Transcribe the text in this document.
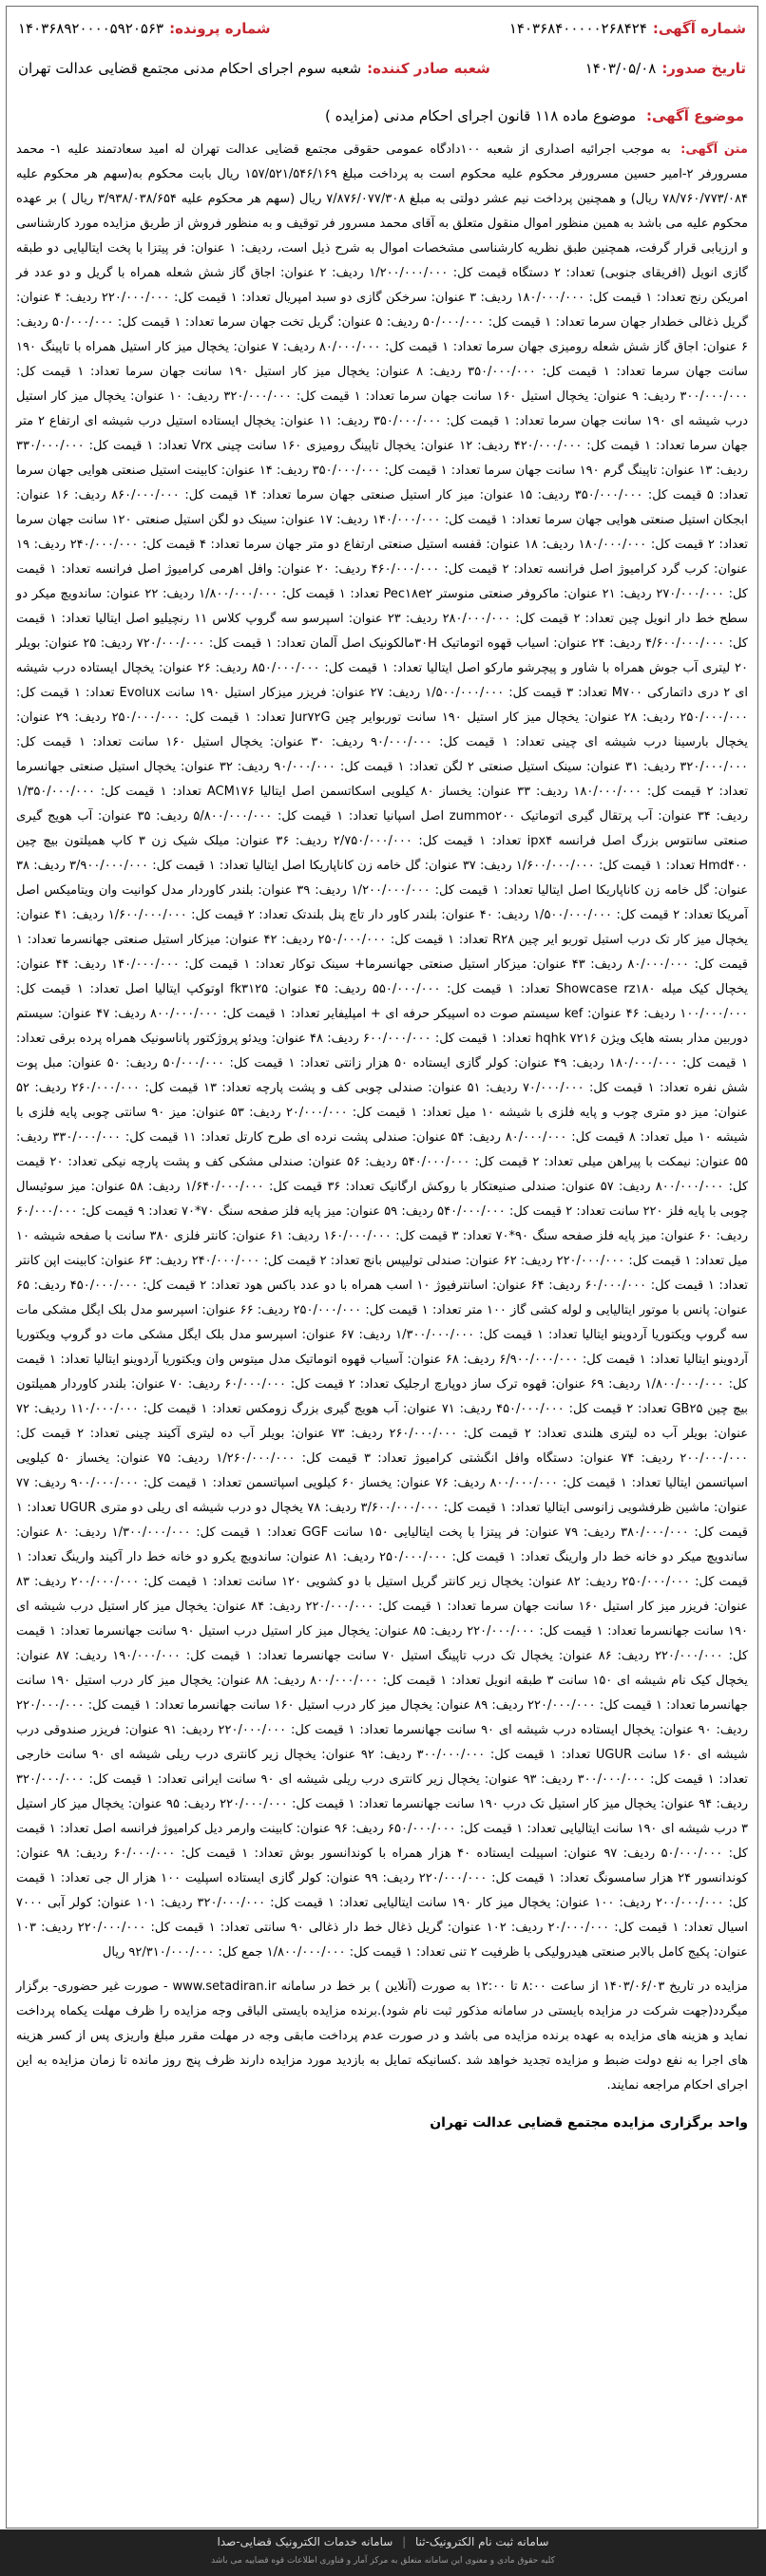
شماره آگهی:
۱۴۰۳۶۸۴۰۰۰۰۰۲۶۸۴۲۴
شماره پرونده:
۱۴۰۳۶۸۹۲۰۰۰۰۵۹۲۰۵۶۳
تاریخ صدور:
۱۴۰۳/۰۵/۰۸
شعبه صادر کننده:
شعبه سوم اجرای احکام مدنی مجتمع قضایی عدالت تهران
موضوع آگهی: موضوع ماده ۱۱۸ قانون اجرای احکام مدنی (مزایده )

متن آگهی: به موجب اجرائیه اصداری از شعبه ۱۰۰دادگاه عمومی حقوقی مجتمع قضایی عدالت تهران له امید سعادتمند علیه ۱- محمد مسرورفر ۲-امیر حسین مسرورفر محکوم علیه محکوم است به پرداخت مبلغ ۱۵۷/۵۲۱/۵۴۶/۱۶۹ ریال بابت محکوم به(سهم هر محکوم علیه ۷۸/۷۶۰/۷۷۳/۰۸۴ ریال) و همچنین پرداخت نیم عشر دولتی به مبلغ ۷/۸۷۶/۰۷۷/۳۰۸ ریال (سهم هر محکوم علیه ۳/۹۳۸/۰۳۸/۶۵۴ ریال ) بر عهده محکوم علیه می باشد به همین منظور اموال منقول متعلق به آقای محمد مسرور فر توقیف و به منظور فروش از طریق مزایده مورد کارشناسی و ارزیابی قرار گرفت، همچنین طبق نظریه کارشناسی مشخصات اموال به شرح ذیل است، ردیف: ۱ عنوان: فر پیتزا با پخت ایتالیایی دو طبقه گازی انویل (افریقای جنوبی) تعداد: ۲ دستگاه قیمت کل: ۱/۲۰۰/۰۰۰/۰۰۰ ردیف: ۲ عنوان: اجاق گاز شش شعله همراه با گریل و دو عدد فر امریکن رنج تعداد: ۱ قیمت کل: ۱۸۰/۰۰۰/۰۰۰ ردیف: ۳ عنوان: سرخکن گازی دو سبد امپریال تعداد: ۱ قیمت کل: ۲۲۰/۰۰۰/۰۰۰ ردیف: ۴ عنوان: گریل ذغالی خطدار جهان سرما تعداد: ۱ قیمت کل: ۵۰/۰۰۰/۰۰۰ ردیف: ۵ عنوان: گریل تخت جهان سرما تعداد: ۱ قیمت کل: ۵۰/۰۰۰/۰۰۰ ردیف: ۶ عنوان: اجاق گاز شش شعله رومیزی جهان سرما تعداد: ۱ قیمت کل: ۸۰/۰۰۰/۰۰۰ ردیف: ۷ عنوان: یخچال میز کار استیل همراه با تاپینگ ۱۹۰ سانت جهان سرما تعداد: ۱ قیمت کل: ۳۵۰/۰۰۰/۰۰۰ ردیف: ۸ عنوان: یخچال میز کار استیل ۱۹۰ سانت جهان سرما تعداد: ۱ قیمت کل: ۳۰۰/۰۰۰/۰۰۰ ردیف: ۹ عنوان: یخچال استیل ۱۶۰ سانت جهان سرما تعداد: ۱ قیمت کل: ۳۲۰/۰۰۰/۰۰۰ ردیف: ۱۰ عنوان: یخچال میز کار استیل درب شیشه ای ۱۹۰ سانت جهان سرما تعداد: ۱ قیمت کل: ۳۵۰/۰۰۰/۰۰۰ ردیف: ۱۱ عنوان: یخچال ایستاده استیل درب شیشه ای ارتفاع ۲ متر جهان سرما تعداد: ۱ قیمت کل: ۴۲۰/۰۰۰/۰۰۰ ردیف: ۱۲ عنوان: یخچال تاپینگ رومیزی ۱۶۰ سانت چینی Vrx تعداد: ۱ قیمت کل: ۳۳۰/۰۰۰/۰۰۰ ردیف: ۱۳ عنوان: تاپینگ گرم ۱۹۰ سانت جهان سرما تعداد: ۱ قیمت کل: ۳۵۰/۰۰۰/۰۰۰ ردیف: ۱۴ عنوان: کابینت استیل صنعتی هوایی جهان سرما تعداد: ۵ قیمت کل: ۳۵۰/۰۰۰/۰۰۰ ردیف: ۱۵ عنوان: میز کار استیل صنعتی جهان سرما تعداد: ۱۴ قیمت کل: ۸۶۰/۰۰۰/۰۰۰ ردیف: ۱۶ عنوان: ابجکان استیل صنعتی هوایی جهان سرما تعداد: ۱ قیمت کل: ۱۴۰/۰۰۰/۰۰۰ ردیف: ۱۷ عنوان: سینک دو لگن استیل صنعتی ۱۲۰ سانت جهان سرما تعداد: ۲ قیمت کل: ۱۸۰/۰۰۰/۰۰۰ ردیف: ۱۸ عنوان: قفسه استیل صنعتی ارتفاع دو متر جهان سرما تعداد: ۴ قیمت کل: ۲۴۰/۰۰۰/۰۰۰ ردیف: ۱۹ عنوان: کرب گرد کرامیوژ اصل فرانسه تعداد: ۲ قیمت کل: ۴۶۰/۰۰۰/۰۰۰ ردیف: ۲۰ عنوان: وافل اهرمی کرامیوژ اصل فرانسه تعداد: ۱ قیمت کل: ۲۷۰/۰۰۰/۰۰۰ ردیف: ۲۱ عنوان: ماکروفر صنعتی منوستر Pec۱۸e۲ تعداد: ۱ قیمت کل: ۱/۸۰۰/۰۰۰/۰۰۰ ردیف: ۲۲ عنوان: ساندویچ میکر دو سطح خط دار انویل چین تعداد: ۲ قیمت کل: ۲۸۰/۰۰۰/۰۰۰ ردیف: ۲۳ عنوان: اسپرسو سه گروپ کلاس ۱۱ رنچیلیو اصل ایتالیا تعداد: ۱ قیمت کل: ۴/۶۰۰/۰۰۰/۰۰۰ ردیف: ۲۴ عنوان: اسیاب قهوه اتوماتیک ۳۰Hمالکونیک اصل آلمان تعداد: ۱ قیمت کل: ۷۲۰/۰۰۰/۰۰۰ ردیف: ۲۵ عنوان: بویلر ۲۰ لیتری آب جوش همراه با شاور و پیچرشو مارکو اصل ایتالیا تعداد: ۱ قیمت کل: ۸۵۰/۰۰۰/۰۰۰ ردیف: ۲۶ عنوان: یخچال ایستاده درب شیشه ای ۲ دری داتمارکی M۷۰۰ تعداد: ۳ قیمت کل: ۱/۵۰۰/۰۰۰/۰۰۰ ردیف: ۲۷ عنوان: فریزر میزکار استیل ۱۹۰ سانت Evolux تعداد: ۱ قیمت کل: ۲۵۰/۰۰۰/۰۰۰ ردیف: ۲۸ عنوان: یخچال میز کار استیل ۱۹۰ سانت توربوایر چین Jur۷۲G تعداد: ۱ قیمت کل: ۲۵۰/۰۰۰/۰۰۰ ردیف: ۲۹ عنوان: یخچال بارسینا درب شیشه ای چینی تعداد: ۱ قیمت کل: ۹۰/۰۰۰/۰۰۰ ردیف: ۳۰ عنوان: یخچال استیل ۱۶۰ سانت تعداد: ۱ قیمت کل: ۳۲۰/۰۰۰/۰۰۰ ردیف: ۳۱ عنوان: سینک استیل صنعتی ۲ لگن تعداد: ۱ قیمت کل: ۹۰/۰۰۰/۰۰۰ ردیف: ۳۲ عنوان: یخچال استیل صنعتی جهانسرما تعداد: ۲ قیمت کل: ۱۸۰/۰۰۰/۰۰۰ ردیف: ۳۳ عنوان: یخساز ۸۰ کیلویی اسکاتسمن اصل ایتالیا ACM۱۷۶ تعداد: ۱ قیمت کل: ۱/۳۵۰/۰۰۰/۰۰۰ ردیف: ۳۴ عنوان: آب پرتقال گیری اتوماتیک zummo۲۰۰ اصل اسپانیا تعداد: ۱ قیمت کل: ۵/۸۰۰/۰۰۰/۰۰۰ ردیف: ۳۵ عنوان: آب هویج گیری صنعتی سانتوس بزرگ اصل فرانسه ipx۴ تعداد: ۱ قیمت کل: ۲/۷۵۰/۰۰۰/۰۰۰ ردیف: ۳۶ عنوان: میلک شیک زن ۳ کاپ همیلتون بیچ چین Hmd۴۰۰ تعداد: ۱ قیمت کل: ۱/۶۰۰/۰۰۰/۰۰۰ ردیف: ۳۷ عنوان: گل خامه زن کاناپاریکا اصل ایتالیا تعداد: ۱ قیمت کل: ۳/۹۰۰/۰۰۰/۰۰۰ ردیف: ۳۸ عنوان: گل خامه زن کاناپاریکا اصل ایتالیا تعداد: ۱ قیمت کل: ۱/۲۰۰/۰۰۰/۰۰۰ ردیف: ۳۹ عنوان: بلندر کاوردار مدل کوانیت وان ویتامیکس اصل آمریکا تعداد: ۲ قیمت کل: ۱/۵۰۰/۰۰۰/۰۰۰ ردیف: ۴۰ عنوان: بلندر کاور دار تاچ پنل بلندتک تعداد: ۲ قیمت کل: ۱/۶۰۰/۰۰۰/۰۰۰ ردیف: ۴۱ عنوان: یخچال میز کار تک درب استیل توربو ایر چین R۲۸ تعداد: ۱ قیمت کل: ۲۵۰/۰۰۰/۰۰۰ ردیف: ۴۲ عنوان: میزکار استیل صنعتی جهانسرما تعداد: ۱ قیمت کل: ۸۰/۰۰۰/۰۰۰ ردیف: ۴۳ عنوان: میزکار استیل صنعتی جهانسرما+ سینک توکار تعداد: ۱ قیمت کل: ۱۴۰/۰۰۰/۰۰۰ ردیف: ۴۴ عنوان: یخچال کیک میله Showcase rz۱۸۰ تعداد: ۱ قیمت کل: ۵۵۰/۰۰۰/۰۰۰ ردیف: ۴۵ عنوان: fk۳۱۲۵ اوتوکپ ایتالیا اصل تعداد: ۱ قیمت کل: ۱۰۰/۰۰۰/۰۰۰ ردیف: ۴۶ عنوان: kef سیستم صوت ده اسپیکر حرفه ای + امپلیفایر تعداد: ۱ قیمت کل: ۸۰۰/۰۰۰/۰۰۰ ردیف: ۴۷ عنوان: سیستم دوربین مدار بسته هایک ویژن ۷۲۱۶ hqhk تعداد: ۱ قیمت کل: ۶۰۰/۰۰۰/۰۰۰ ردیف: ۴۸ عنوان: ویدئو پروژکتور پاناسونیک همراه پرده برقی تعداد: ۱ قیمت کل: ۱۸۰/۰۰۰/۰۰۰ ردیف: ۴۹ عنوان: کولر گازی ایستاده ۵۰ هزار زانتی تعداد: ۱ قیمت کل: ۵۰/۰۰۰/۰۰۰ ردیف: ۵۰ عنوان: مبل پوت شش نفره تعداد: ۱ قیمت کل: ۷۰/۰۰۰/۰۰۰ ردیف: ۵۱ عنوان: صندلی چوبی کف و پشت پارچه تعداد: ۱۳ قیمت کل: ۲۶۰/۰۰۰/۰۰۰ ردیف: ۵۲ عنوان: میز دو متری چوب و پایه فلزی با شیشه ۱۰ میل تعداد: ۱ قیمت کل: ۲۰/۰۰۰/۰۰۰ ردیف: ۵۳ عنوان: میز ۹۰ سانتی چوبی پایه فلزی با شیشه ۱۰ میل تعداد: ۸ قیمت کل: ۸۰/۰۰۰/۰۰۰ ردیف: ۵۴ عنوان: صندلی پشت نرده ای طرح کارتل تعداد: ۱۱ قیمت کل: ۳۳۰/۰۰۰/۰۰۰ ردیف: ۵۵ عنوان: نیمکت با پیراهن میلی تعداد: ۲ قیمت کل: ۵۴۰/۰۰۰/۰۰۰ ردیف: ۵۶ عنوان: صندلی مشکی کف و پشت پارچه نیکی تعداد: ۲۰ قیمت کل: ۸۰۰/۰۰۰/۰۰۰ ردیف: ۵۷ عنوان: صندلی صنیعتکار با روکش ارگانیک تعداد: ۳۶ قیمت کل: ۱/۶۴۰/۰۰۰/۰۰۰ ردیف: ۵۸ عنوان: میز سوئیسال چوبی با پایه فلز ۲۲۰ سانت تعداد: ۲ قیمت کل: ۵۴۰/۰۰۰/۰۰۰ ردیف: ۵۹ عنوان: میز پایه فلز صفحه سنگ ۷۰*۷۰ تعداد: ۹ قیمت کل: ۶۰/۰۰۰/۰۰۰ ردیف: ۶۰ عنوان: میز پایه فلز صفحه سنگ ۹۰*۷۰ تعداد: ۳ قیمت کل: ۱۶۰/۰۰۰/۰۰۰ ردیف: ۶۱ عنوان: کانتر فلزی ۳۸۰ سانت با صفحه شیشه ۱۰ میل تعداد: ۱ قیمت کل: ۲۲۰/۰۰۰/۰۰۰ ردیف: ۶۲ عنوان: صندلی تولیپس بانج تعداد: ۲ قیمت کل: ۲۴۰/۰۰۰/۰۰۰ ردیف: ۶۳ عنوان: کابینت اپن کانتر تعداد: ۱ قیمت کل: ۶۰/۰۰۰/۰۰۰ ردیف: ۶۴ عنوان: اسانترفیوژ ۱۰ اسب همراه با دو عدد باکس هود تعداد: ۲ قیمت کل: ۴۵۰/۰۰۰/۰۰۰ ردیف: ۶۵ عنوان: پانس با موتور ایتالیایی و لوله کشی گاز ۱۰۰ متر تعداد: ۱ قیمت کل: ۲۵۰/۰۰۰/۰۰۰ ردیف: ۶۶ عنوان: اسپرسو مدل بلک ایگل مشکی مات سه گروپ ویکتوریا آردوینو ایتالیا تعداد: ۱ قیمت کل: ۱/۳۰۰/۰۰۰/۰۰۰ ردیف: ۶۷ عنوان: اسپرسو مدل بلک ایگل مشکی مات دو گروپ ویکتوریا آردوینو ایتالیا تعداد: ۱ قیمت کل: ۶/۹۰۰/۰۰۰/۰۰۰ ردیف: ۶۸ عنوان: آسیاب قهوه اتوماتیک مدل میتوس وان ویکتوریا آردوینو ایتالیا تعداد: ۱ قیمت کل: ۱/۸۰۰/۰۰۰/۰۰۰ ردیف: ۶۹ عنوان: قهوه ترک ساز دوپارچ ارجلیک تعداد: ۲ قیمت کل: ۶۰/۰۰۰/۰۰۰ ردیف: ۷۰ عنوان: بلندر کاوردار همیلتون بیچ چین GB۲۵ تعداد: ۲ قیمت کل: ۴۵۰/۰۰۰/۰۰۰ ردیف: ۷۱ عنوان: آب هویج گیری بزرگ زومکس تعداد: ۱ قیمت کل: ۱۱۰/۰۰۰/۰۰۰ ردیف: ۷۲ عنوان: بویلر آب ده لیتری هلندی تعداد: ۲ قیمت کل: ۲۶۰/۰۰۰/۰۰۰ ردیف: ۷۳ عنوان: بویلر آب ده لیتری آکیند چینی تعداد: ۲ قیمت کل: ۲۰۰/۰۰۰/۰۰۰ ردیف: ۷۴ عنوان: دستگاه وافل انگشتی کرامیوژ تعداد: ۳ قیمت کل: ۱/۲۶۰/۰۰۰/۰۰۰ ردیف: ۷۵ عنوان: یخساز ۵۰ کیلویی اسپاتسمن ایتالیا تعداد: ۱ قیمت کل: ۸۰۰/۰۰۰/۰۰۰ ردیف: ۷۶ عنوان: یخساز ۶۰ کیلویی اسپاتسمن تعداد: ۱ قیمت کل: ۹۰۰/۰۰۰/۰۰۰ ردیف: ۷۷ عنوان: ماشین ظرفشویی زانوسی ایتالیا تعداد: ۱ قیمت کل: ۳/۶۰۰/۰۰۰/۰۰۰ ردیف: ۷۸ یخچال دو درب شیشه ای ریلی دو متری UGUR تعداد: ۱ قیمت کل: ۳۸۰/۰۰۰/۰۰۰ ردیف: ۷۹ عنوان: فر پیتزا با پخت ایتالیایی ۱۵۰ سانت GGF تعداد: ۱ قیمت کل: ۱/۳۰۰/۰۰۰/۰۰۰ ردیف: ۸۰ عنوان: ساندویچ میکر دو خانه خط دار وارینگ تعداد: ۱ قیمت کل: ۲۵۰/۰۰۰/۰۰۰ ردیف: ۸۱ عنوان: ساندویچ یکرو دو خانه خط دار آکیند وارینگ تعداد: ۱ قیمت کل: ۲۵۰/۰۰۰/۰۰۰ ردیف: ۸۲ عنوان: یخچال زیر کانتر گریل استیل با دو کشویی ۱۲۰ سانت تعداد: ۱ قیمت کل: ۲۰۰/۰۰۰/۰۰۰ ردیف: ۸۳ عنوان: فریزر میز کار استیل ۱۶۰ سانت جهان سرما تعداد: ۱ قیمت کل: ۲۲۰/۰۰۰/۰۰۰ ردیف: ۸۴ عنوان: یخچال میز کار استیل درب شیشه ای ۱۹۰ سانت جهانسرما تعداد: ۱ قیمت کل: ۲۲۰/۰۰۰/۰۰۰ ردیف: ۸۵ عنوان: یخچال میز کار استیل درب استیل ۹۰ سانت جهانسرما تعداد: ۱ قیمت کل: ۲۲۰/۰۰۰/۰۰۰ ردیف: ۸۶ عنوان: یخچال تک درب تاپینگ استیل ۷۰ سانت جهانسرما تعداد: ۱ قیمت کل: ۱۹۰/۰۰۰/۰۰۰ ردیف: ۸۷ عنوان: یخچال کیک نام شیشه ای ۱۵۰ سانت ۳ طبقه انویل تعداد: ۱ قیمت کل: ۸۰۰/۰۰۰/۰۰۰ ردیف: ۸۸ عنوان: یخچال میز کار درب استیل ۱۹۰ سانت جهانسرما تعداد: ۱ قیمت کل: ۲۲۰/۰۰۰/۰۰۰ ردیف: ۸۹ عنوان: یخچال میز کار درب استیل ۱۶۰ سانت جهانسرما تعداد: ۱ قیمت کل: ۲۲۰/۰۰۰/۰۰۰ ردیف: ۹۰ عنوان: یخچال ایستاده درب شیشه ای ۹۰ سانت جهانسرما تعداد: ۱ قیمت کل: ۲۲۰/۰۰۰/۰۰۰ ردیف: ۹۱ عنوان: فریزر صندوقی درب شیشه ای ۱۶۰ سانت UGUR تعداد: ۱ قیمت کل: ۳۰۰/۰۰۰/۰۰۰ ردیف: ۹۲ عنوان: یخچال زیر کانتری درب ریلی شیشه ای ۹۰ سانت خارجی تعداد: ۱ قیمت کل: ۳۰۰/۰۰۰/۰۰۰ ردیف: ۹۳ عنوان: یخچال زیر کانتری درب ریلی شیشه ای ۹۰ سانت ایرانی تعداد: ۱ قیمت کل: ۳۲۰/۰۰۰/۰۰۰ ردیف: ۹۴ عنوان: یخچال میز کار استیل تک درب ۱۹۰ سانت جهانسرما تعداد: ۱ قیمت کل: ۲۲۰/۰۰۰/۰۰۰ ردیف: ۹۵ عنوان: یخچال میز کار استیل ۳ درب شیشه ای ۱۹۰ سانت ایتالیایی تعداد: ۱ قیمت کل: ۶۵۰/۰۰۰/۰۰۰ ردیف: ۹۶ عنوان: کابینت وارمر دیل کرامیوژ فرانسه اصل تعداد: ۱ قیمت کل: ۵۰/۰۰۰/۰۰۰ ردیف: ۹۷ عنوان: اسپیلت ایستاده ۴۰ هزار همراه با کوندانسور بوش تعداد: ۱ قیمت کل: ۶۰/۰۰۰/۰۰۰ ردیف: ۹۸ عنوان: کوندانسور ۲۴ هزار سامسونگ تعداد: ۱ قیمت کل: ۲۲۰/۰۰۰/۰۰۰ ردیف: ۹۹ عنوان: کولر گازی ایستاده اسپلیت ۱۰۰ هزار ال جی تعداد: ۱ قیمت کل: ۲۰۰/۰۰۰/۰۰۰ ردیف: ۱۰۰ عنوان: یخچال میز کار ۱۹۰ سانت ایتالیایی تعداد: ۱ قیمت کل: ۳۲۰/۰۰۰/۰۰۰ ردیف: ۱۰۱ عنوان: کولر آبی ۷۰۰۰ اسیال تعداد: ۱ قیمت کل: ۲۰/۰۰۰/۰۰۰ ردیف: ۱۰۲ عنوان: گریل ذغال خط دار ذغالی ۹۰ سانتی تعداد: ۱ قیمت کل: ۲۲۰/۰۰۰/۰۰۰ ردیف: ۱۰۳ عنوان: پکیج کامل بالابر صنعتی هیدرولیکی با ظرفیت ۲ تنی تعداد: ۱ قیمت کل: ۱/۸۰۰/۰۰۰/۰۰۰ جمع کل: ۹۲/۳۱۰/۰۰۰/۰۰۰ ریال

مزایده در تاریخ ۱۴۰۳/۰۶/۰۳ از ساعت ۸:۰۰ تا ۱۲:۰۰ به صورت (آنلاین ) بر خط در سامانه www.setadiran.ir - صورت غیر حضوری- برگزار میگردد(جهت شرکت در مزایده بایستی در سامانه مذکور ثبت نام شود).برنده مزایده بایستی الباقی وجه مزایده را ظرف مهلت یکماه پرداخت نماید و هزینه های مزایده به عهده برنده مزایده می باشد و در صورت عدم پرداخت مابقی وجه در مهلت مقرر مبلغ واریزی پس از کسر هزینه های اجرا به نفع دولت ضبط و مزایده تجدید خواهد شد .کسانیکه تمایل به بازدید مورد مزایده دارند ظرف پنج روز مانده تا زمان مزایده به این اجرای احکام مراجعه نمایند.

واحد برگزاری مزایده مجتمع قضایی عدالت تهران
سامانه ثبت نام الکترونیک-ثنا | سامانه خدمات الکترونیک قضایی-صدا
کلیه حقوق مادی و معنوی این سامانه متعلق به مرکز آمار و فناوری اطلاعات قوه قضاییه می باشد
